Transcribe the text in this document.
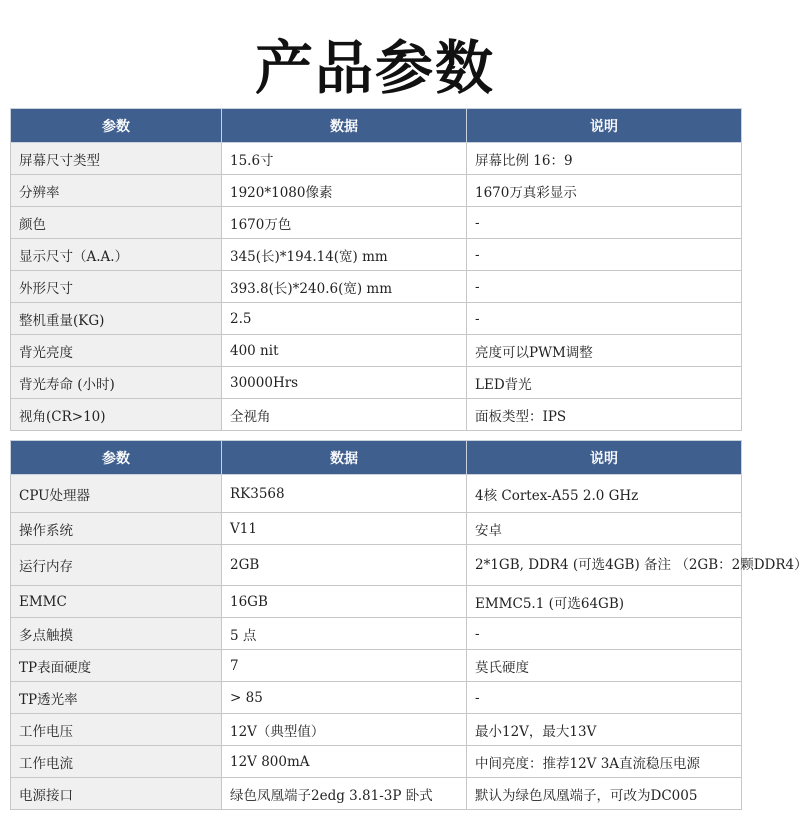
产品参数
参数	数据	说明
屏幕尺寸类型	15.6寸	屏幕比例 16：9
分辨率	1920*1080像素	1670万真彩显示
颜色	1670万色	-
显示尺寸（A.A.）	345(长)*194.14(宽) mm	-
外形尺寸	393.8(长)*240.6(宽) mm	-
整机重量(KG)	2.5	-
背光亮度	400 nit	亮度可以PWM调整
背光寿命 (小时)	30000Hrs	LED背光
视角(CR>10)	全视角	面板类型：IPS
参数	数据	说明
CPU处理器	RK3568	4核 Cortex-A55 2.0 GHz
操作系统	V11	安卓
运行内存	2GB	2*1GB, DDR4 (可选4GB) 备注 （2GB：2颗DDR4）
EMMC	16GB	EMMC5.1 (可选64GB)
多点触摸	5 点	-
TP表面硬度	7	莫氏硬度
TP透光率	> 85	-
工作电压	12V（典型值）	最小12V，最大13V
工作电流	12V 800mA	中间亮度：推荐12V 3A直流稳压电源
电源接口	绿色凤凰端子2edg 3.81-3P 卧式	默认为绿色凤凰端子，可改为DC005
